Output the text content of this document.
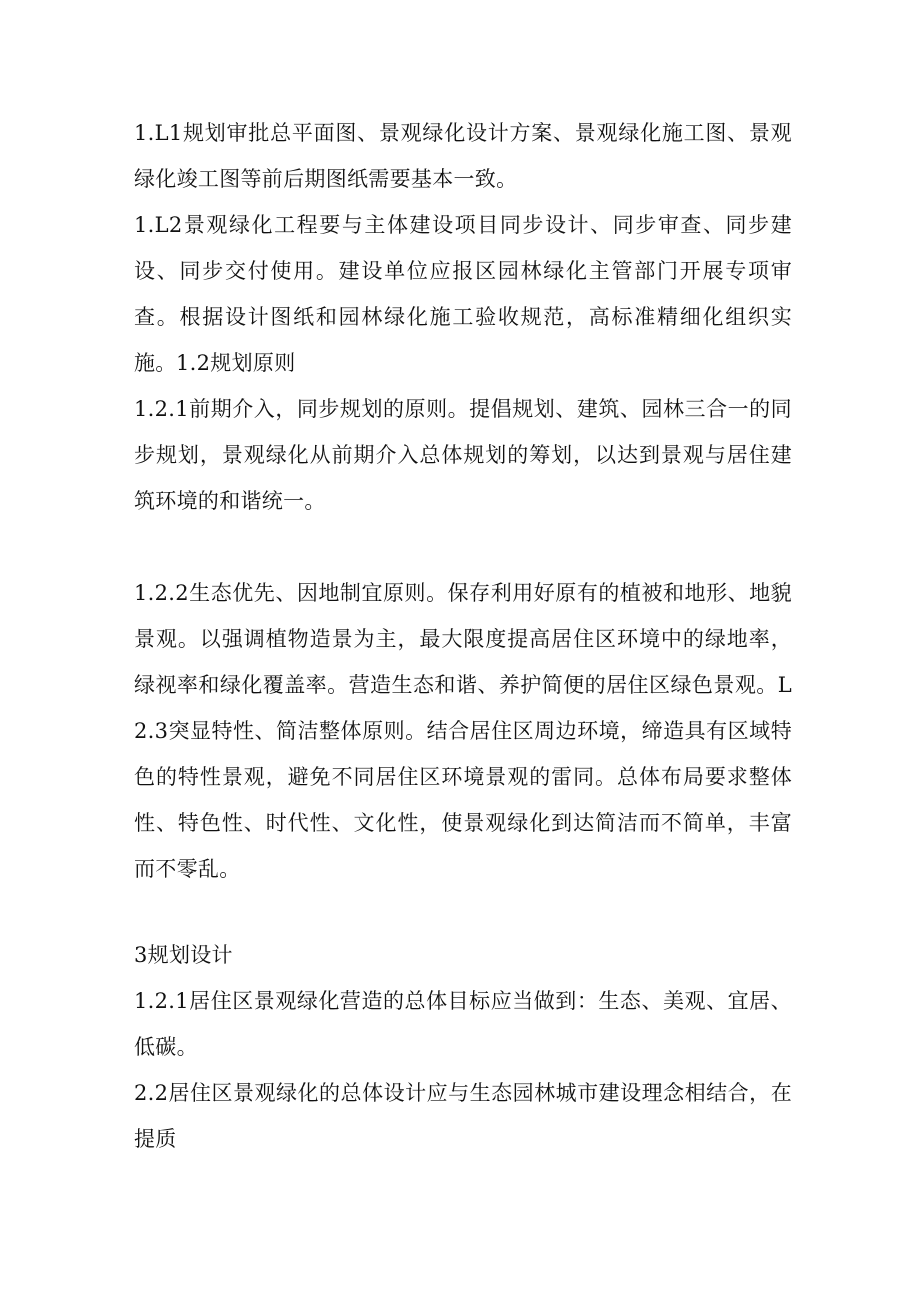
1.L1规划审批总平面图、景观绿化设计方案、景观绿化施工图、景观绿化竣工图等前后期图纸需要基本一致。

1.L2景观绿化工程要与主体建设项目同步设计、同步审查、同步建设、同步交付使用。建设单位应报区园林绿化主管部门开展专项审查。根据设计图纸和园林绿化施工验收规范，高标准精细化组织实施。 1.2规划原则

1.2.1前期介入，同步规划的原则。提倡规划、建筑、园林三合一的同步规划，景观绿化从前期介入总体规划的筹划，以达到景观与居住建筑环境的和谐统一。

1.2.2生态优先、因地制宜原则。保存利用好原有的植被和地形、地貌景观。以强调植物造景为主，最大限度提高居住区环境中的绿地率，绿视率和绿化覆盖率。营造生态和谐、养护简便的居住区绿色景观。L2.3突显特性、简洁整体原则。结合居住区周边环境，缔造具有区域特色的特性景观，避免不同居住区环境景观的雷同。总体布局要求整体性、特色性、时代性、文化性，使景观绿化到达简洁而不简单，丰富而不零乱。

3规划设计

1.2.1居住区景观绿化营造的总体目标应当做到：生态、美观、宜居、低碳。

2.2居住区景观绿化的总体设计应与生态园林城市建设理念相结合，在提质
